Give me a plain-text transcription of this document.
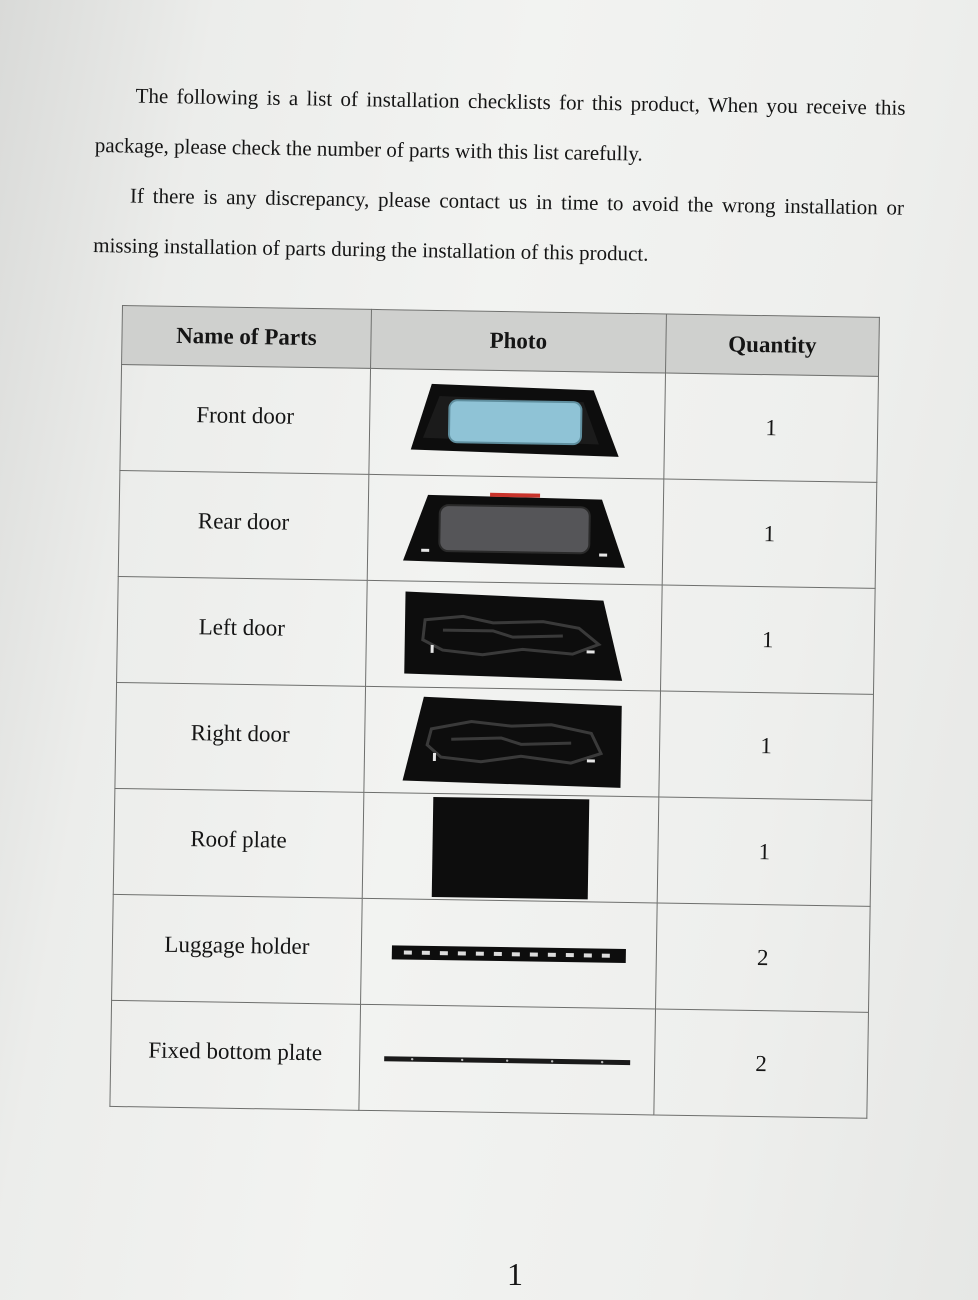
The following is a list of installation checklists for this product, When you receive this package, please check the number of parts with this list carefully.

If there is any discrepancy, please contact us in time to avoid the wrong installation or missing installation of parts during the installation of this product.

Name of Parts	Photo	Quantity
Front door		1
Rear door		1
Left door		1
Right door		1
Roof plate		1
Luggage holder		2
Fixed bottom plate		2
1
